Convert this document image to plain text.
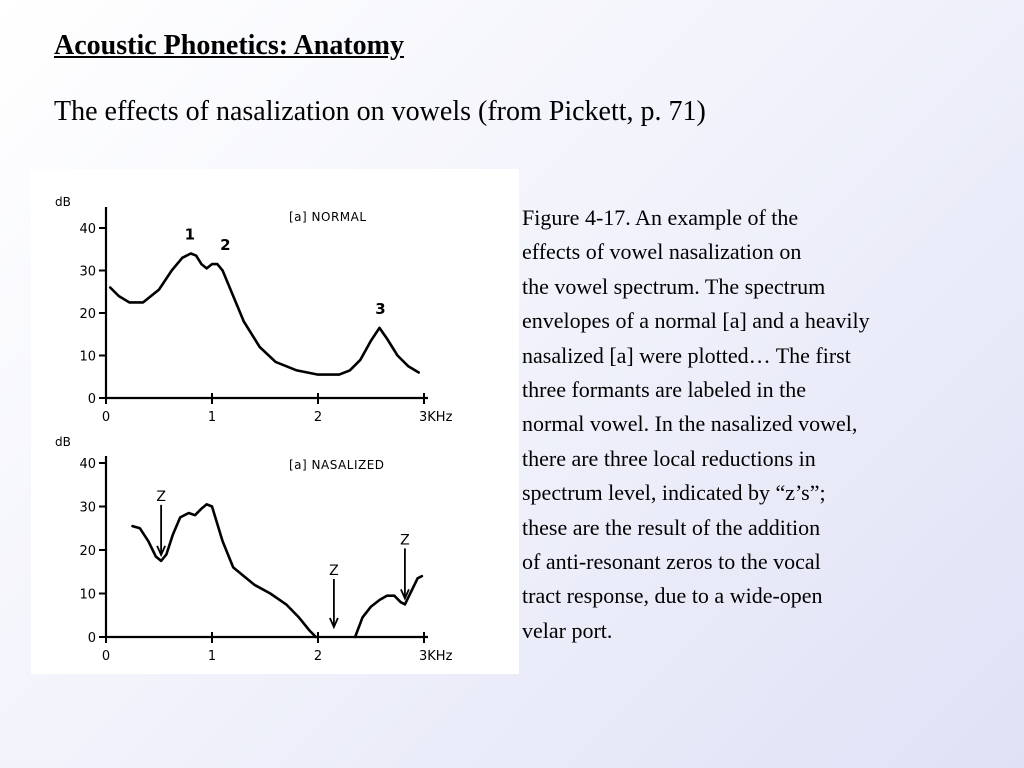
Acoustic Phonetics: Anatomy
The effects of nasalization on vowels (from Pickett, p. 71)
dB
0
10
20
30
40
0	1	2	3KHz
[a] NORMAL
1
2
3
dB
0
10
20
30
40
0	1	2	3KHz
[a] NASALIZED
Z
Z
Z
Figure 4-17. An example of the
effects of vowel nasalization on
the vowel spectrum. The spectrum
envelopes of a normal [a] and a heavily
nasalized [a] were plotted… The first
three formants are labeled in the
normal vowel. In the nasalized vowel,
there are three local reductions in
spectrum level, indicated by “z’s”;
these are the result of the addition
of anti-resonant zeros to the vocal
tract response, due to a wide-open
velar port.
